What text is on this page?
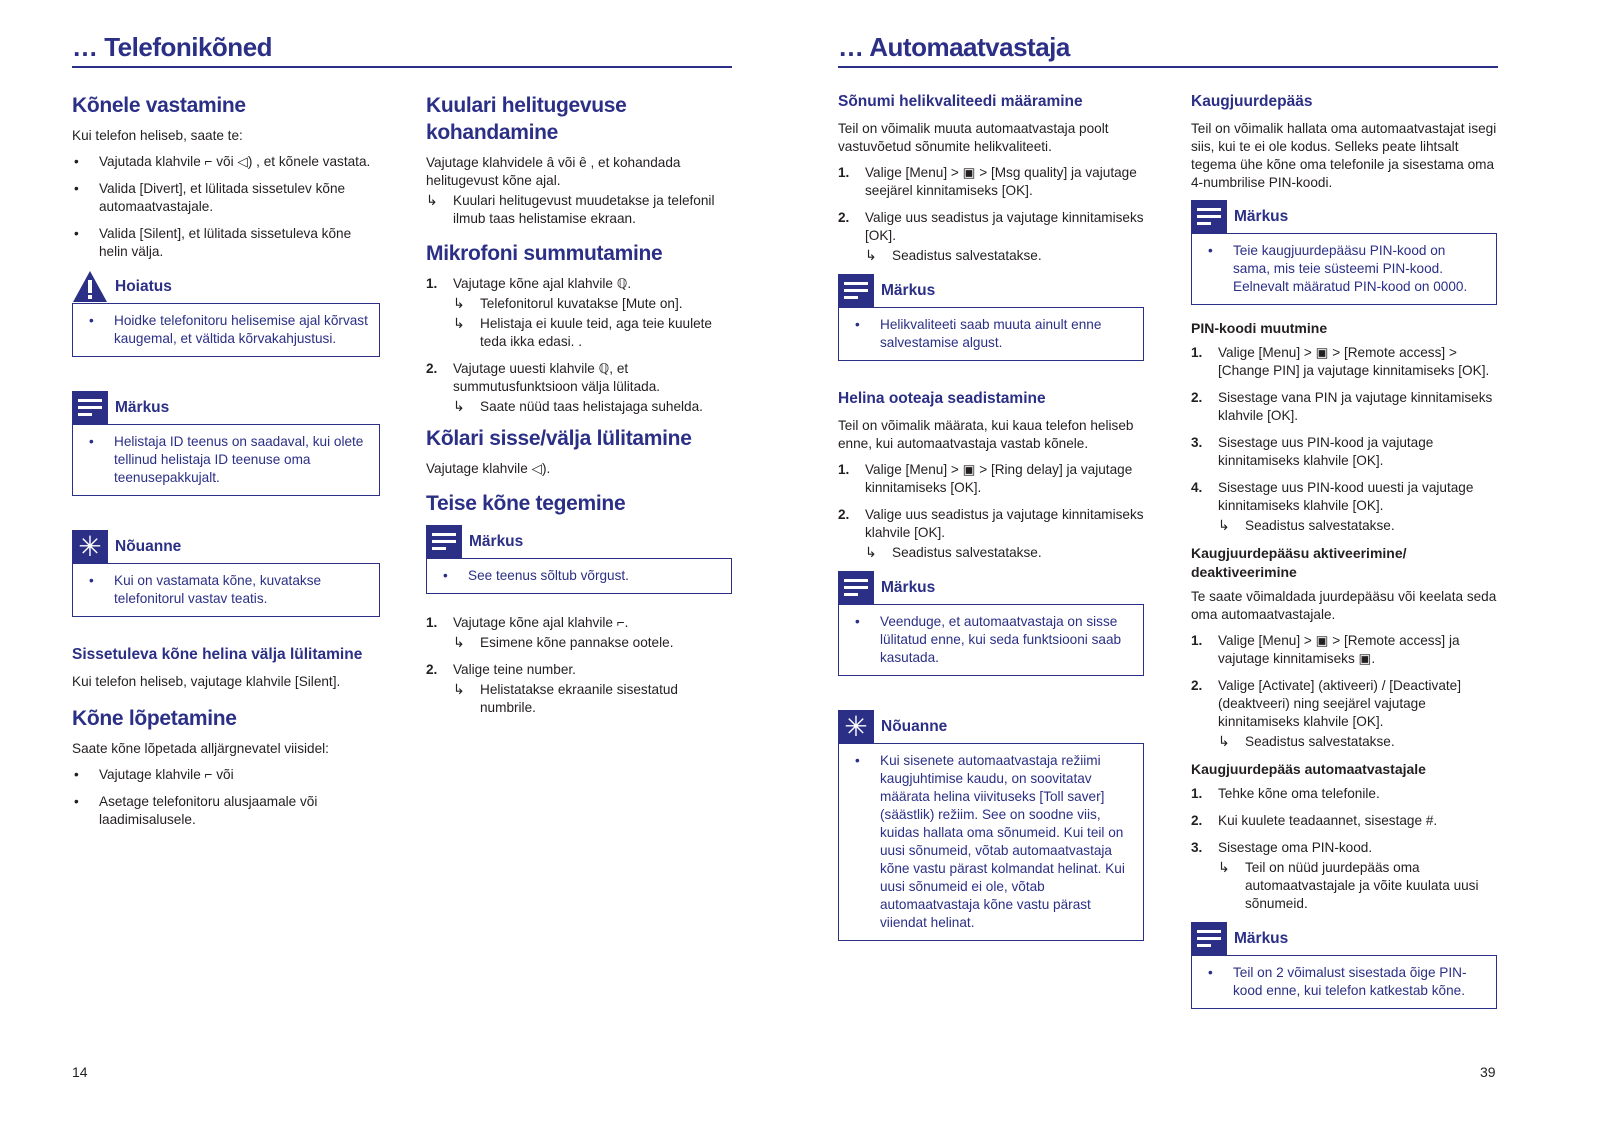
… Telefonikõned	… Automaatvastaja
Kõnele vastamine

Kui telefon heliseb, saate te:

• Vajutada klahvile ⌐ või ◁) , et kõnele vastata.
• Valida [Divert], et lülitada sissetulev kõne automaatvastajale.
• Valida [Silent], et lülitada sissetuleva kõne helin välja.
Hoiatus
• Hoidke telefonitoru helisemise ajal kõrvast kaugemal, et vältida kõrvakahjustusi.
Märkus
• Helistaja ID teenus on saadaval, kui olete tellinud helistaja ID teenuse oma teenusepakkujalt.
✳ Nõuanne
• Kui on vastamata kõne, kuvatakse telefonitorul vastav teatis.
Sissetuleva kõne helina välja lülitamine

Kui telefon heliseb, vajutage klahvile [Silent].

Kõne lõpetamine

Saate kõne lõpetada alljärgnevatel viisidel:

• Vajutage klahvile ⌐ või
• Asetage telefonitoru alusjaamale või laadimisalusele.
Kuulari helitugevuse kohandamine

Vajutage klahvidele ȃ või ȇ , et kohandada helitugevust kõne ajal.

↳ Kuulari helitugevust muudetakse ja telefonil ilmub taas helistamise ekraan.
Mikrofoni summutamine
1. Vajutage kõne ajal klahvile ℚ.
↳ Telefonitorul kuvatakse [Mute on].
↳ Helistaja ei kuule teid, aga teie kuulete teda ikka edasi. .
2. Vajutage uuesti klahvile ℚ, et summutusfunktsioon välja lülitada.
↳ Saate nüüd taas helistajaga suhelda.
Kõlari sisse/välja lülitamine

Vajutage klahvile ◁).

Teise kõne tegemine
Märkus
• See teenus sõltub võrgust.
1. Vajutage kõne ajal klahvile ⌐.
↳ Esimene kõne pannakse ootele.
2. Valige teine number.
↳ Helistatakse ekraanile sisestatud numbrile.
Sõnumi helikvaliteedi määramine

Teil on võimalik muuta automaatvastaja poolt vastuvõetud sõnumite helikvaliteeti.

1. Valige [Menu] > ▣ > [Msg quality] ja vajutage seejärel kinnitamiseks [OK].
2. Valige uus seadistus ja vajutage kinnitamiseks [OK].
↳ Seadistus salvestatakse.
Märkus
• Helikvaliteeti saab muuta ainult enne salvestamise algust.
Helina ooteaja seadistamine

Teil on võimalik määrata, kui kaua telefon heliseb enne, kui automaatvastaja vastab kõnele.

1. Valige [Menu] > ▣ > [Ring delay] ja vajutage kinnitamiseks [OK].
2. Valige uus seadistus ja vajutage kinnitamiseks klahvile [OK].
↳ Seadistus salvestatakse.
Märkus
• Veenduge, et automaatvastaja on sisse lülitatud enne, kui seda funktsiooni saab kasutada.
✳ Nõuanne
• Kui sisenete automaatvastaja režiimi kaugjuhtimise kaudu, on soovitatav määrata helina viivituseks [Toll saver] (säästlik) režiim. See on soodne viis, kuidas hallata oma sõnumeid. Kui teil on uusi sõnumeid, võtab automaatvastaja kõne vastu pärast kolmandat helinat. Kui uusi sõnumeid ei ole, võtab automaatvastaja kõne vastu pärast viiendat helinat.
Kaugjuurdepääs

Teil on võimalik hallata oma automaatvastajat isegi siis, kui te ei ole kodus. Selleks peate lihtsalt tegema ühe kõne oma telefonile ja sisestama oma 4-numbrilise PIN-koodi.

Märkus
• Teie kaugjuurdepääsu PIN-kood on sama, mis teie süsteemi PIN-kood. Eelnevalt määratud PIN-kood on 0000.
PIN-koodi muutmine
1. Valige [Menu] > ▣ > [Remote access] > [Change PIN] ja vajutage kinnitamiseks [OK].
2. Sisestage vana PIN ja vajutage kinnitamiseks klahvile [OK].
3. Sisestage uus PIN-kood ja vajutage kinnitamiseks klahvile [OK].
4. Sisestage uus PIN-kood uuesti ja vajutage kinnitamiseks klahvile [OK].
↳ Seadistus salvestatakse.
Kaugjuurdepääsu aktiveerimine/ deaktiveerimine

Te saate võimaldada juurdepääsu või keelata seda oma automaatvastajale.

1. Valige [Menu] > ▣ > [Remote access] ja vajutage kinnitamiseks ▣.
2. Valige [Activate] (aktiveeri) / [Deactivate] (deaktveeri) ning seejärel vajutage kinnitamiseks klahvile [OK].
↳ Seadistus salvestatakse.
Kaugjuurdepääs automaatvastajale
1. Tehke kõne oma telefonile.
2. Kui kuulete teadaannet, sisestage #.
3. Sisestage oma PIN-kood.
↳ Teil on nüüd juurdepääs oma automaatvastajale ja võite kuulata uusi sõnumeid.
Märkus
• Teil on 2 võimalust sisestada õige PIN-kood enne, kui telefon katkestab kõne.
14	39
